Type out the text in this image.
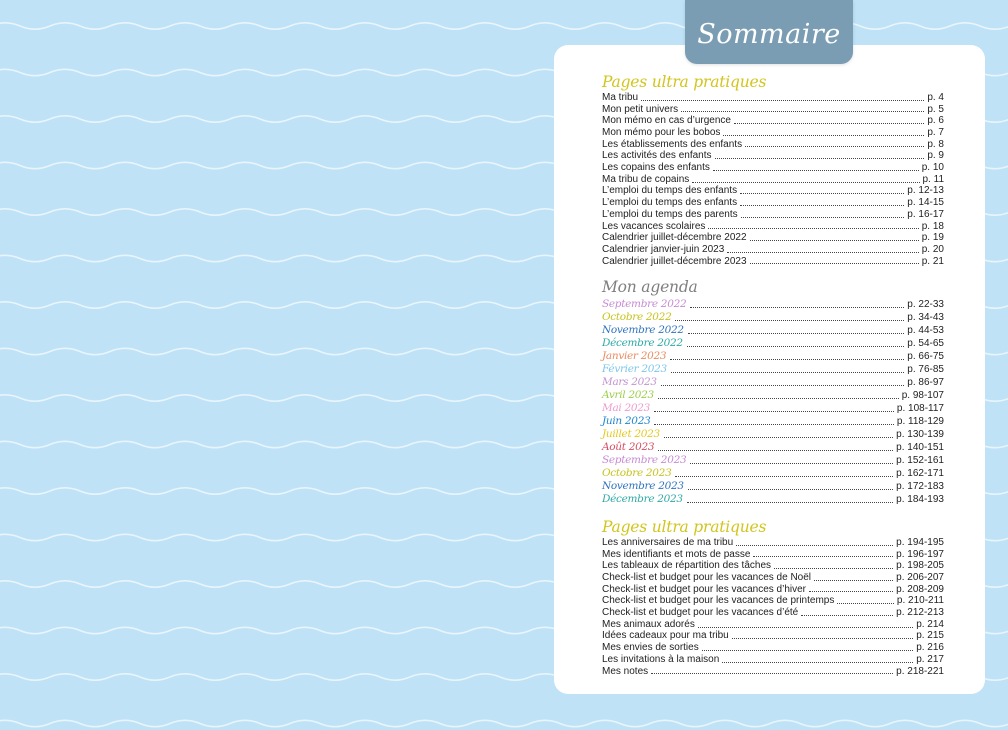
Sommaire
Pages ultra pratiques
Ma tribu	p. 4
Mon petit univers	p. 5
Mon mémo en cas d’urgence	p. 6
Mon mémo pour les bobos	p. 7
Les établissements des enfants	p. 8
Les activités des enfants	p. 9
Les copains des enfants	p. 10
Ma tribu de copains	p. 11
L’emploi du temps des enfants	p. 12-13
L’emploi du temps des enfants	p. 14-15
L’emploi du temps des parents	p. 16-17
Les vacances scolaires	p. 18
Calendrier juillet-décembre 2022	p. 19
Calendrier janvier-juin 2023	p. 20
Calendrier juillet-décembre 2023	p. 21
Mon agenda
Septembre 2022	p. 22-33
Octobre 2022	p. 34-43
Novembre 2022	p. 44-53
Décembre 2022	p. 54-65
Janvier 2023	p. 66-75
Février 2023	p. 76-85
Mars 2023	p. 86-97
Avril 2023	p. 98-107
Mai 2023	p. 108-117
Juin 2023	p. 118-129
Juillet 2023	p. 130-139
Août 2023	p. 140-151
Septembre 2023	p. 152-161
Octobre 2023	p. 162-171
Novembre 2023	p. 172-183
Décembre 2023	p. 184-193
Pages ultra pratiques
Les anniversaires de ma tribu	p. 194-195
Mes identifiants et mots de passe	p. 196-197
Les tableaux de répartition des tâches	p. 198-205
Check-list et budget pour les vacances de Noël	p. 206-207
Check-list et budget pour les vacances d’hiver	p. 208-209
Check-list et budget pour les vacances de printemps	p. 210-211
Check-list et budget pour les vacances d’été	p. 212-213
Mes animaux adorés	p. 214
Idées cadeaux pour ma tribu	p. 215
Mes envies de sorties	p. 216
Les invitations à la maison	p. 217
Mes notes	p. 218-221
